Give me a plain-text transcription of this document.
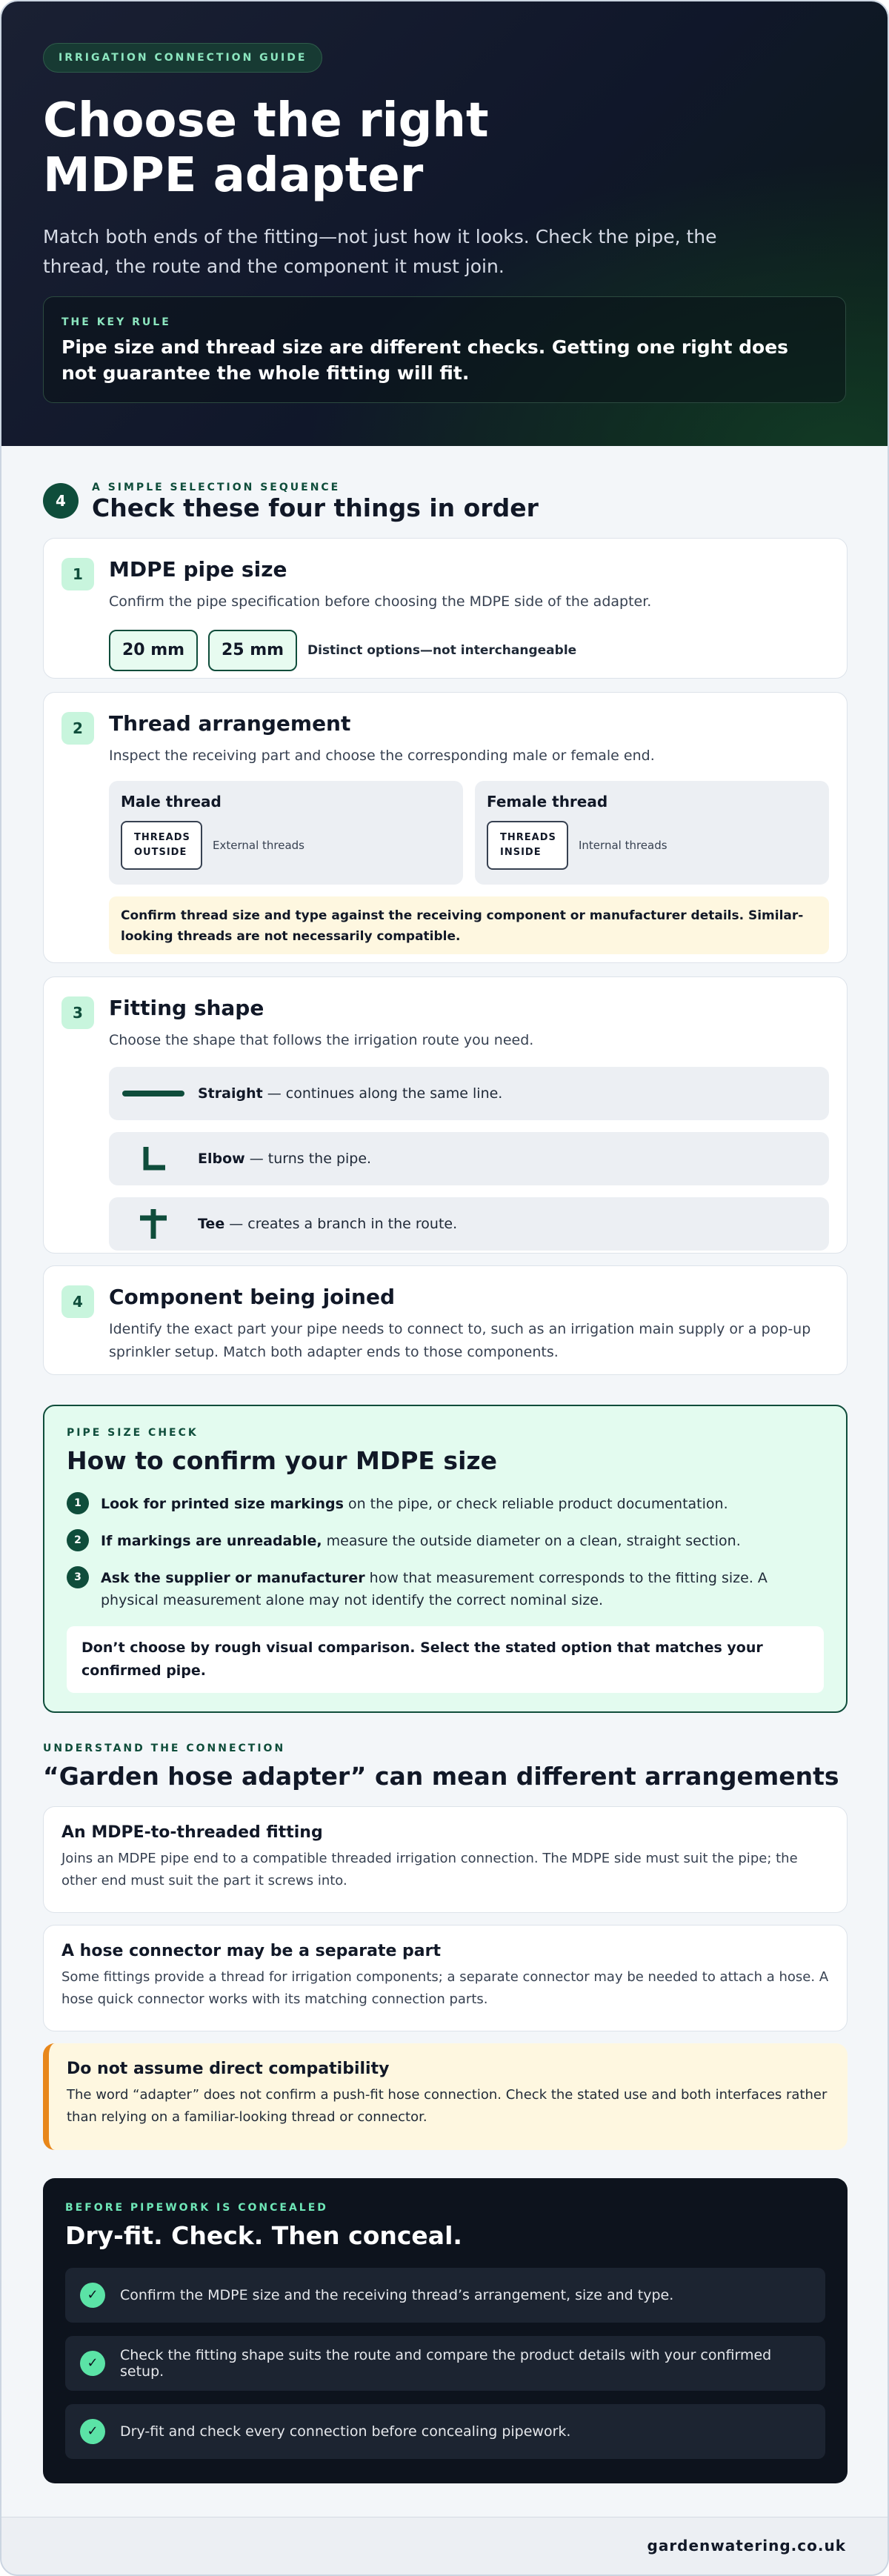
IRRIGATION CONNECTION GUIDE
Choose the right
MDPE adapter

Match both ends of the fitting—not just how it looks. Check the pipe, the thread, the route and the component it must join.

THE KEY RULE
Pipe size and thread size are different checks. Getting one right does not guarantee the whole fitting will fit.
4
A SIMPLE SELECTION SEQUENCE
Check these four things in order
1	MDPE pipe size
Confirm the pipe specification before choosing the MDPE side of the adapter.
20 mm	25 mm	Distinct options—not interchangeable
2	Thread arrangement
Inspect the receiving part and choose the corresponding male or female end.
Male thread
THREADS
OUTSIDE
External threads
Female thread
THREADS
INSIDE
Internal threads
Confirm thread size and type against the receiving component or manufacturer details. Similar-looking threads are not necessarily compatible.
3	Fitting shape
Choose the shape that follows the irrigation route you need.
Straight — continues along the same line.
Elbow — turns the pipe.
Tee — creates a branch in the route.
4	Component being joined
Identify the exact part your pipe needs to connect to, such as an irrigation main supply or a pop-up sprinkler setup. Match both adapter ends to those components.
PIPE SIZE CHECK
How to confirm your MDPE size
1	Look for printed size markings on the pipe, or check reliable product documentation.
2	If markings are unreadable, measure the outside diameter on a clean, straight section.
3	Ask the supplier or manufacturer how that measurement corresponds to the fitting size. A physical measurement alone may not identify the correct nominal size.
Don’t choose by rough visual comparison. Select the stated option that matches your confirmed pipe.
UNDERSTAND THE CONNECTION
“Garden hose adapter” can mean different arrangements
An MDPE-to-threaded fitting
Joins an MDPE pipe end to a compatible threaded irrigation connection. The MDPE side must suit the pipe; the other end must suit the part it screws into.
A hose connector may be a separate part
Some fittings provide a thread for irrigation components; a separate connector may be needed to attach a hose. A hose quick connector works with its matching connection parts.
Do not assume direct compatibility
The word “adapter” does not confirm a push-fit hose connection. Check the stated use and both interfaces rather than relying on a familiar-looking thread or connector.
BEFORE PIPEWORK IS CONCEALED
Dry-fit. Check. Then conceal.
✓	Confirm the MDPE size and the receiving thread’s arrangement, size and type.
✓	Check the fitting shape suits the route and compare the product details with your confirmed setup.
✓	Dry-fit and check every connection before concealing pipework.
gardenwatering.co.uk
